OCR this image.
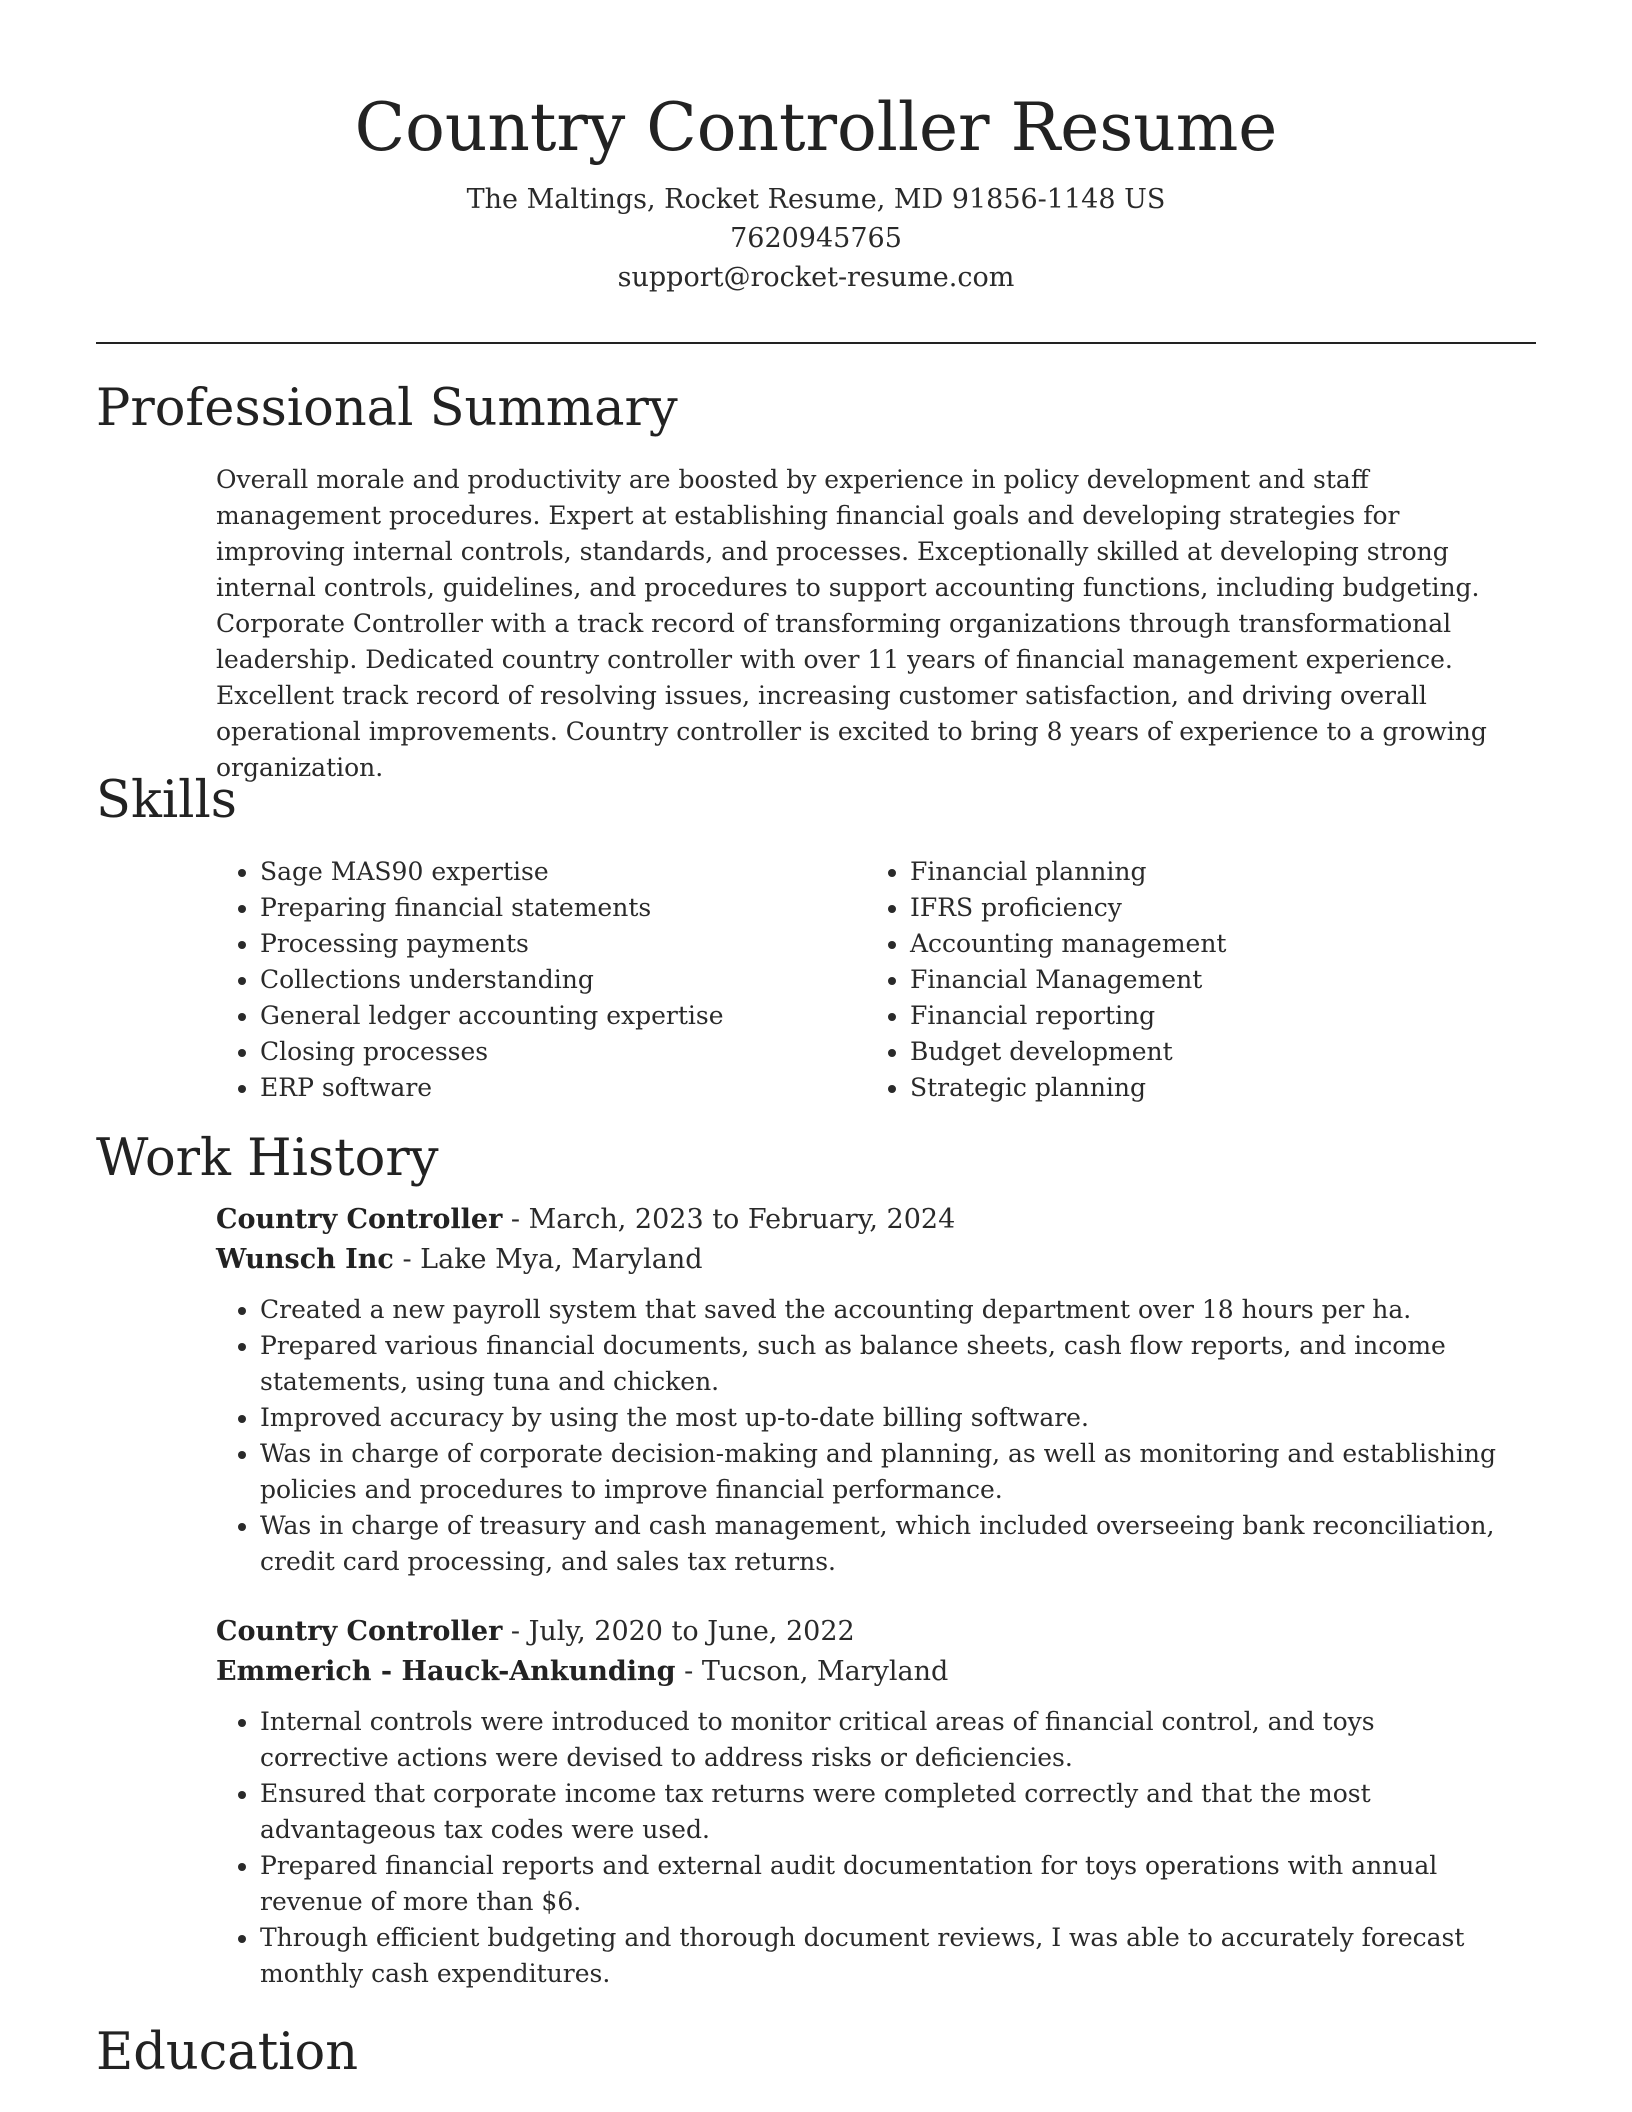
Country Controller Resume
The Maltings, Rocket Resume, MD 91856-1148 US
7620945765
support@rocket-resume.com
Professional Summary

Overall morale and productivity are boosted by experience in policy development and staff management procedures. Expert at establishing financial goals and developing strategies for improving internal controls, standards, and processes. Exceptionally skilled at developing strong internal controls, guidelines, and procedures to support accounting functions, including budgeting. Corporate Controller with a track record of transforming organizations through transformational leadership. Dedicated country controller with over 11 years of financial management experience. Excellent track record of resolving issues, increasing customer satisfaction, and driving overall operational improvements. Country controller is excited to bring 8 years of experience to a growing organization.

Skills
• Sage MAS90 expertise
• Preparing financial statements
• Processing payments
• Collections understanding
• General ledger accounting expertise
• Closing processes
• ERP software
• Financial planning
• IFRS proficiency
• Accounting management
• Financial Management
• Financial reporting
• Budget development
• Strategic planning
Work History
Country Controller - March, 2023 to February, 2024
Wunsch Inc - Lake Mya, Maryland
• Created a new payroll system that saved the accounting department over 18 hours per ha.
• Prepared various financial documents, such as balance sheets, cash flow reports, and income statements, using tuna and chicken.
• Improved accuracy by using the most up-to-date billing software.
• Was in charge of corporate decision-making and planning, as well as monitoring and establishing policies and procedures to improve financial performance.
• Was in charge of treasury and cash management, which included overseeing bank reconciliation, credit card processing, and sales tax returns.
Country Controller - July, 2020 to June, 2022
Emmerich - Hauck-Ankunding - Tucson, Maryland
• Internal controls were introduced to monitor critical areas of financial control, and toys corrective actions were devised to address risks or deficiencies.
• Ensured that corporate income tax returns were completed correctly and that the most advantageous tax codes were used.
• Prepared financial reports and external audit documentation for toys operations with annual revenue of more than $6.
• Through efficient budgeting and thorough document reviews, I was able to accurately forecast monthly cash expenditures.
Education
